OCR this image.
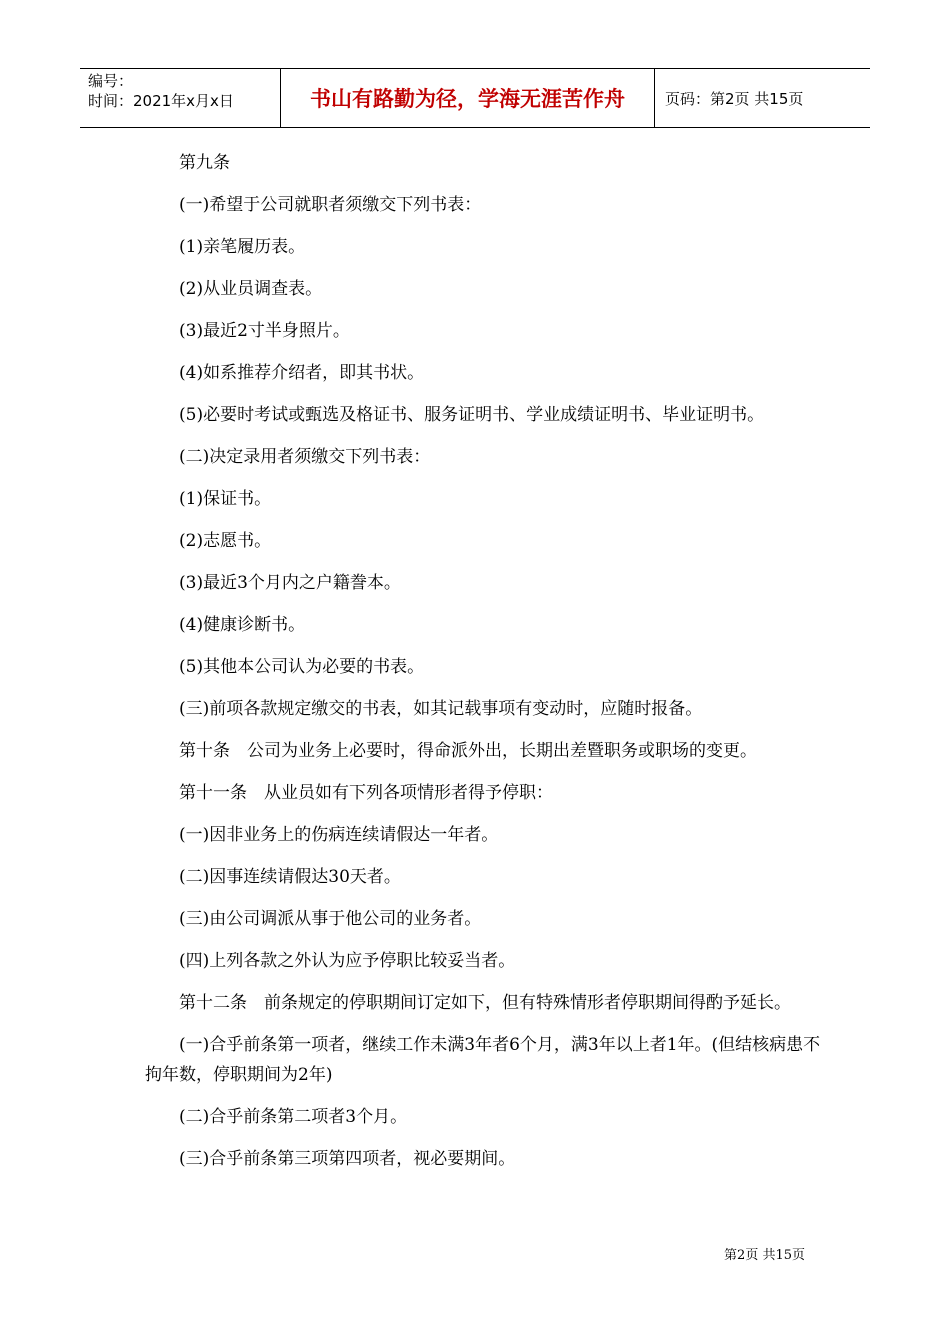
编号：
时间：2021年x月x日	书山有路勤为径，学海无涯苦作舟	页码：第2页 共15页

第九条

(一)希望于公司就职者须缴交下列书表：

(1)亲笔履历表。

(2)从业员调查表。

(3)最近2寸半身照片。

(4)如系推荐介绍者，即其书状。

(5)必要时考试或甄选及格证书、服务证明书、学业成绩证明书、毕业证明书。

(二)决定录用者须缴交下列书表：

(1)保证书。

(2)志愿书。

(3)最近3个月内之户籍誊本。

(4)健康诊断书。

(5)其他本公司认为必要的书表。

(三)前项各款规定缴交的书表，如其记载事项有变动时，应随时报备。

第十条　公司为业务上必要时，得命派外出，长期出差暨职务或职场的变更。

第十一条　从业员如有下列各项情形者得予停职：

(一)因非业务上的伤病连续请假达一年者。

(二)因事连续请假达30天者。

(三)由公司调派从事于他公司的业务者。

(四)上列各款之外认为应予停职比较妥当者。

第十二条　前条规定的停职期间订定如下，但有特殊情形者停职期间得酌予延长。

(一)合乎前条第一项者，继续工作未满3年者6个月，满3年以上者1年。(但结核病患不拘年数，停职期间为2年)

(二)合乎前条第二项者3个月。

(三)合乎前条第三项第四项者，视必要期间。

第2页 共15页
